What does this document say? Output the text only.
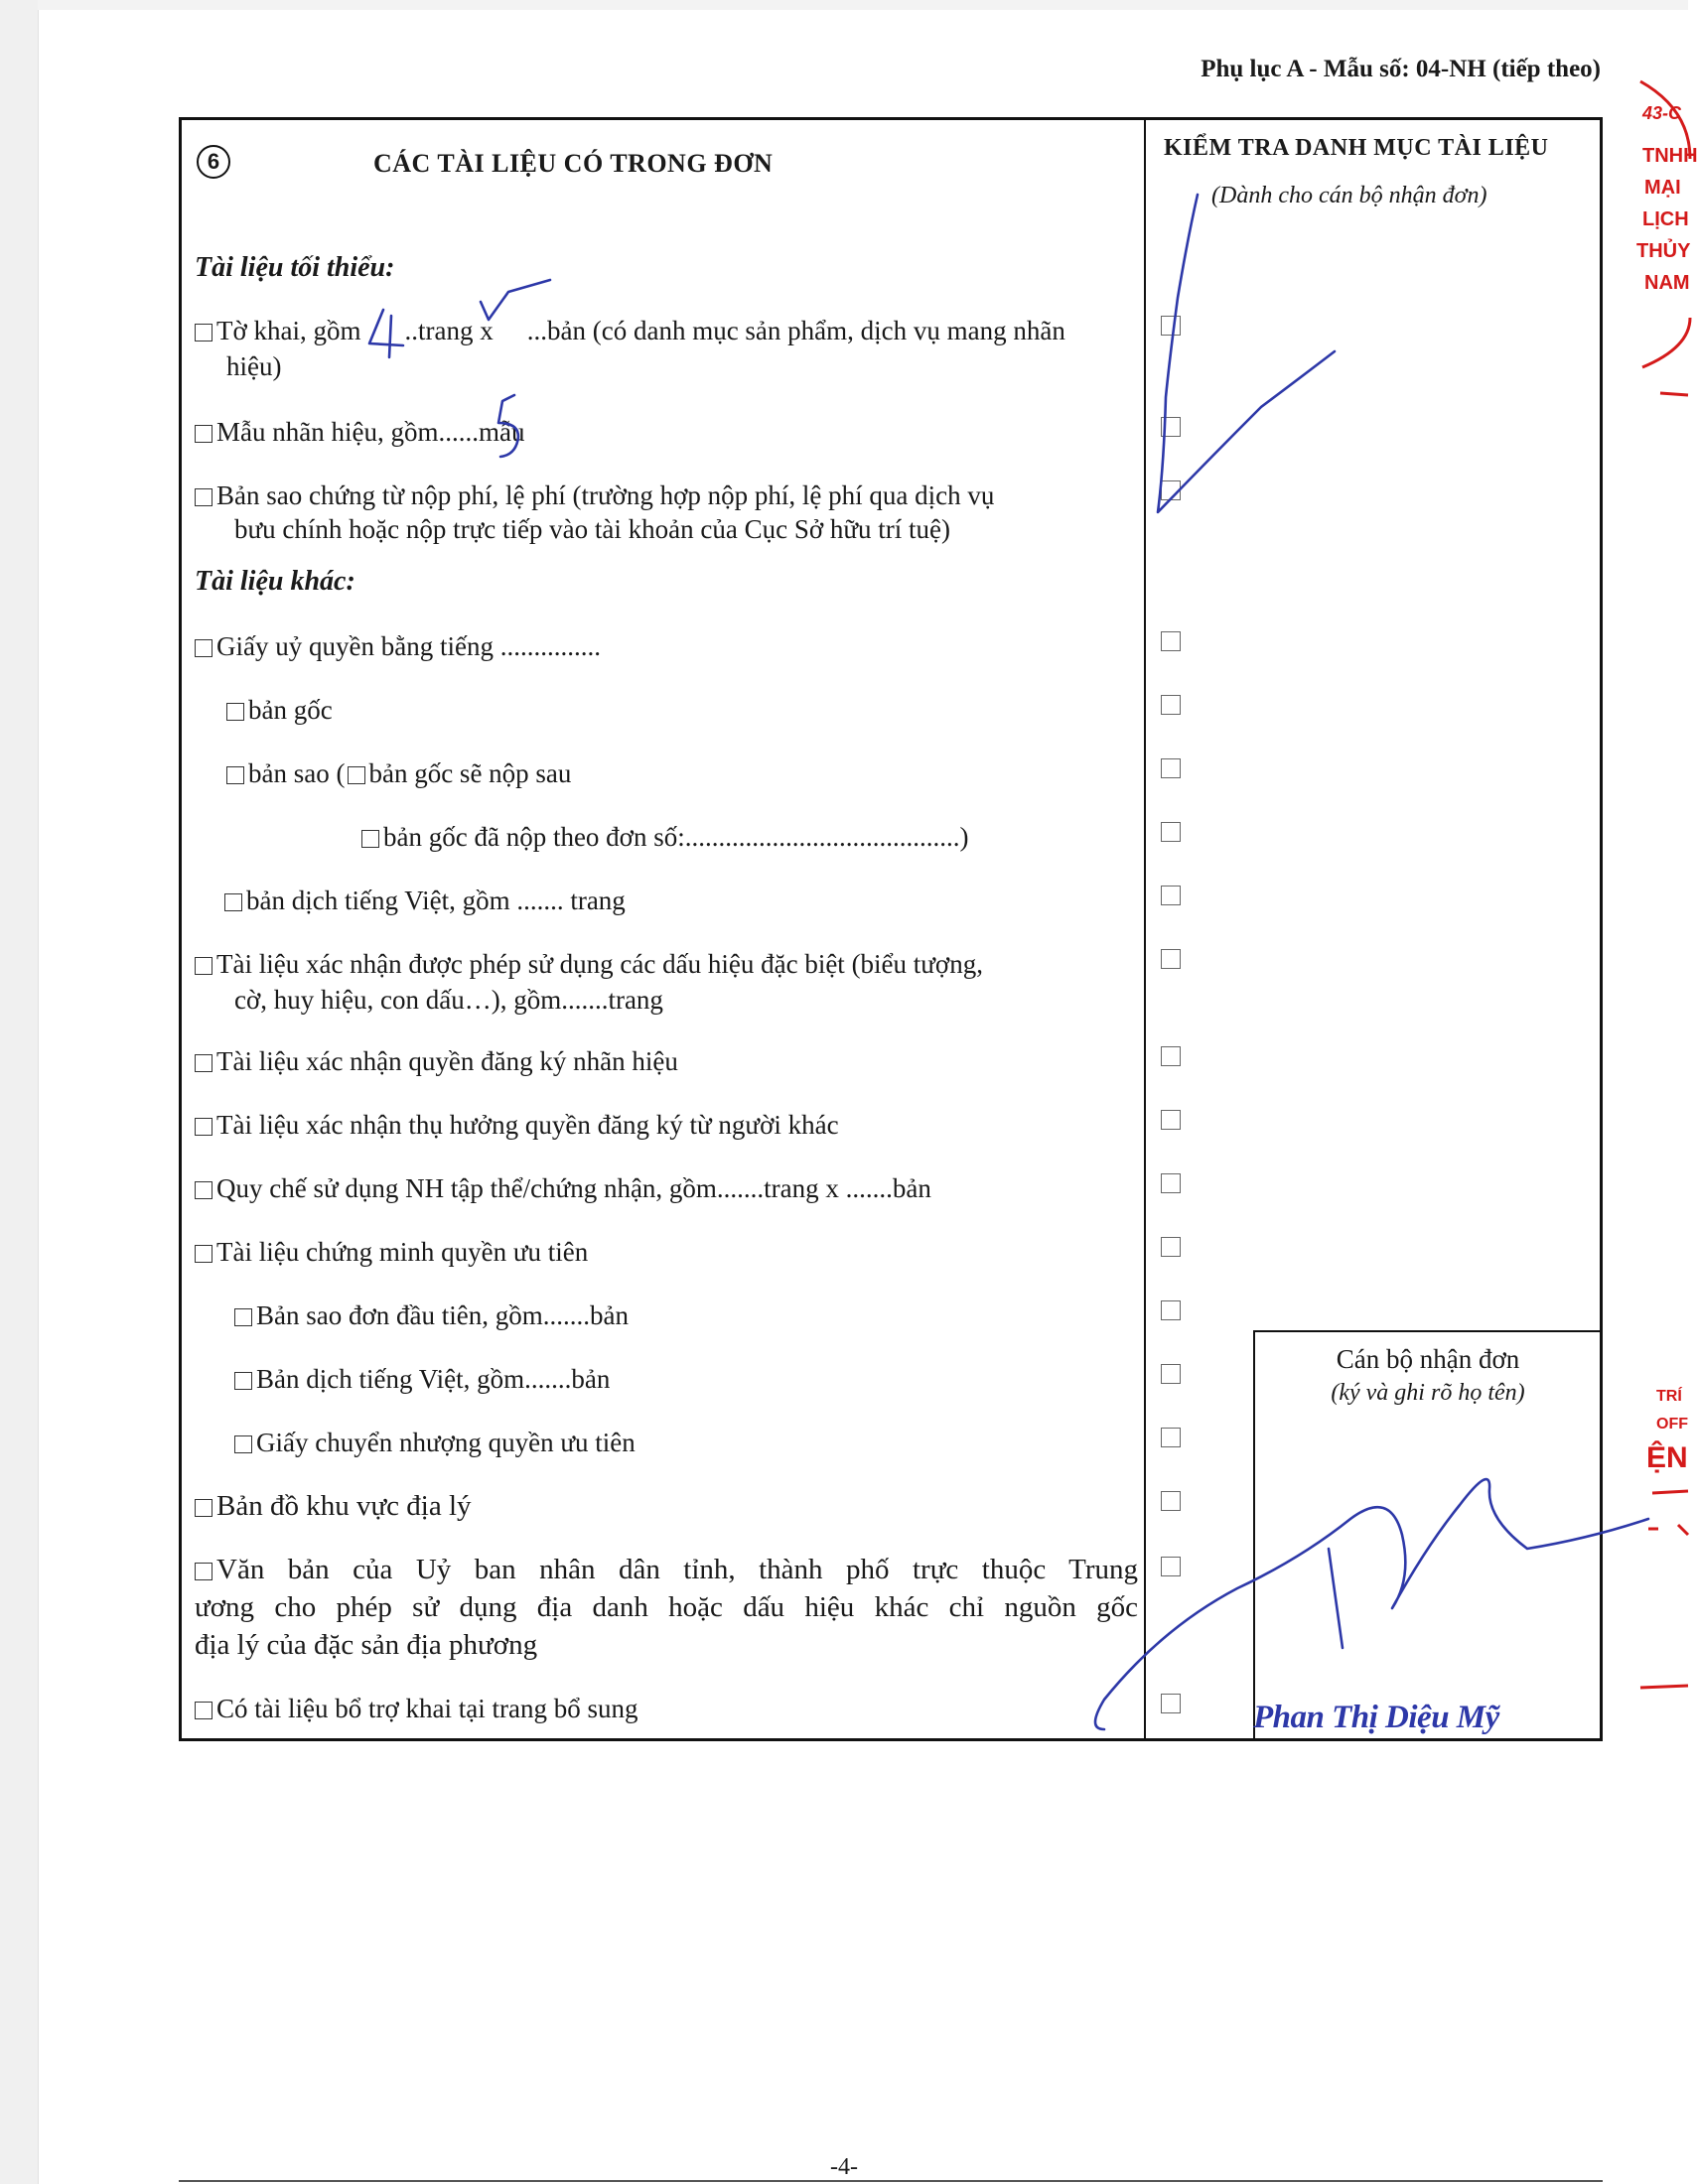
Phụ lục A - Mẫu số: 04-NH (tiếp theo)
6	CÁC TÀI LIỆU CÓ TRONG ĐƠN
KIỂM TRA DANH MỤC TÀI LIỆU
(Dành cho cán bộ nhận đơn)
Tài liệu tối thiểu:
Tờ khai, gồm ..trang x ...bản (có danh mục sản phẩm, dịch vụ mang nhãn
hiệu)
Mẫu nhãn hiệu, gồm......mẫu
Bản sao chứng từ nộp phí, lệ phí (trường hợp nộp phí, lệ phí qua dịch vụ
bưu chính hoặc nộp trực tiếp vào tài khoản của Cục Sở hữu trí tuệ)
Tài liệu khác:
Giấy uỷ quyền bằng tiếng ...............
bản gốc
bản sao ( bản gốc sẽ nộp sau
bản gốc đã nộp theo đơn số:.........................................)
bản dịch tiếng Việt, gồm ....... trang
Tài liệu xác nhận được phép sử dụng các dấu hiệu đặc biệt (biểu tượng,
cờ, huy hiệu, con dấu…), gồm.......trang
Tài liệu xác nhận quyền đăng ký nhãn hiệu
Tài liệu xác nhận thụ hưởng quyền đăng ký từ người khác
Quy chế sử dụng NH tập thể/chứng nhận, gồm.......trang x .......bản
Tài liệu chứng minh quyền ưu tiên
Bản sao đơn đầu tiên, gồm.......bản
Bản dịch tiếng Việt, gồm.......bản
Giấy chuyển nhượng quyền ưu tiên
Bản đồ khu vực địa lý
Văn bản của Uỷ ban nhân dân tỉnh, thành phố trực thuộc Trung
ương cho phép sử dụng địa danh hoặc dấu hiệu khác chỉ nguồn gốc
địa lý của đặc sản địa phương
Có tài liệu bổ trợ khai tại trang bổ sung
Cán bộ nhận đơn
(ký và ghi rõ họ tên)
Phan Thị Diệu Mỹ
43-C
TNHH
MẠI
LỊCH
THỦY
NAM
TRÍ
OFF
ỆN
-4-
